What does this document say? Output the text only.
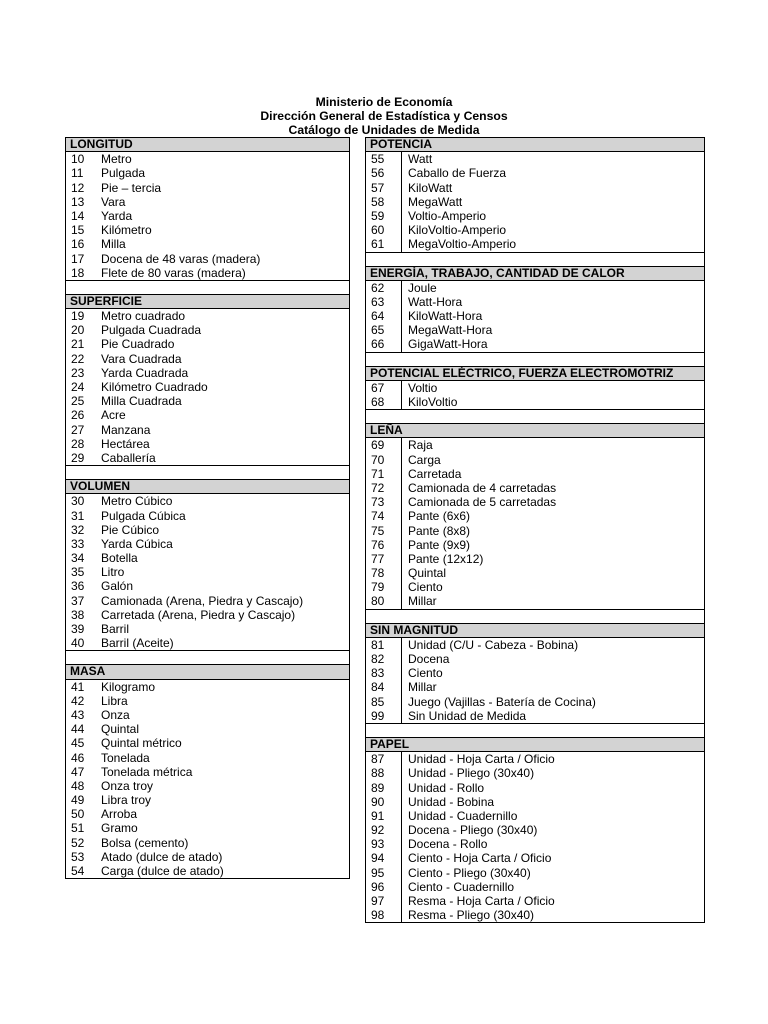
Ministerio de Economía
Dirección General de Estadística y Censos
Catálogo de Unidades de Medida
LONGITUD
10	Metro
11	Pulgada
12	Pie – tercia
13	Vara
14	Yarda
15	Kilómetro
16	Milla
17	Docena de 48 varas (madera)
18	Flete de 80 varas (madera)
SUPERFICIE
19	Metro cuadrado
20	Pulgada Cuadrada
21	Pie Cuadrado
22	Vara Cuadrada
23	Yarda Cuadrada
24	Kilómetro Cuadrado
25	Milla Cuadrada
26	Acre
27	Manzana
28	Hectárea
29	Caballería
VOLUMEN
30	Metro Cúbico
31	Pulgada Cúbica
32	Pie Cúbico
33	Yarda Cúbica
34	Botella
35	Litro
36	Galón
37	Camionada (Arena, Piedra y Cascajo)
38	Carretada (Arena, Piedra y Cascajo)
39	Barril
40	Barril (Aceite)
MASA
41	Kilogramo
42	Libra
43	Onza
44	Quintal
45	Quintal métrico
46	Tonelada
47	Tonelada métrica
48	Onza troy
49	Libra troy
50	Arroba
51	Gramo
52	Bolsa (cemento)
53	Atado (dulce de atado)
54	Carga (dulce de atado)
POTENCIA
55	Watt
56	Caballo de Fuerza
57	KiloWatt
58	MegaWatt
59	Voltio-Amperio
60	KiloVoltio-Amperio
61	MegaVoltio-Amperio
ENERGÍA, TRABAJO, CANTIDAD DE CALOR
62	Joule
63	Watt-Hora
64	KiloWatt-Hora
65	MegaWatt-Hora
66	GigaWatt-Hora
POTENCIAL ELÉCTRICO, FUERZA ELECTROMOTRIZ
67	Voltio
68	KiloVoltio
LEÑA
69	Raja
70	Carga
71	Carretada
72	Camionada de 4 carretadas
73	Camionada de 5 carretadas
74	Pante (6x6)
75	Pante (8x8)
76	Pante (9x9)
77	Pante (12x12)
78	Quintal
79	Ciento
80	Millar
SIN MAGNITUD
81	Unidad (C/U - Cabeza - Bobina)
82	Docena
83	Ciento
84	Millar
85	Juego (Vajillas - Batería de Cocina)
99	Sin Unidad de Medida
PAPEL
87	Unidad - Hoja Carta / Oficio
88	Unidad - Pliego (30x40)
89	Unidad - Rollo
90	Unidad - Bobina
91	Unidad - Cuadernillo
92	Docena - Pliego (30x40)
93	Docena - Rollo
94	Ciento - Hoja Carta / Oficio
95	Ciento - Pliego (30x40)
96	Ciento - Cuadernillo
97	Resma - Hoja Carta / Oficio
98	Resma - Pliego (30x40)
